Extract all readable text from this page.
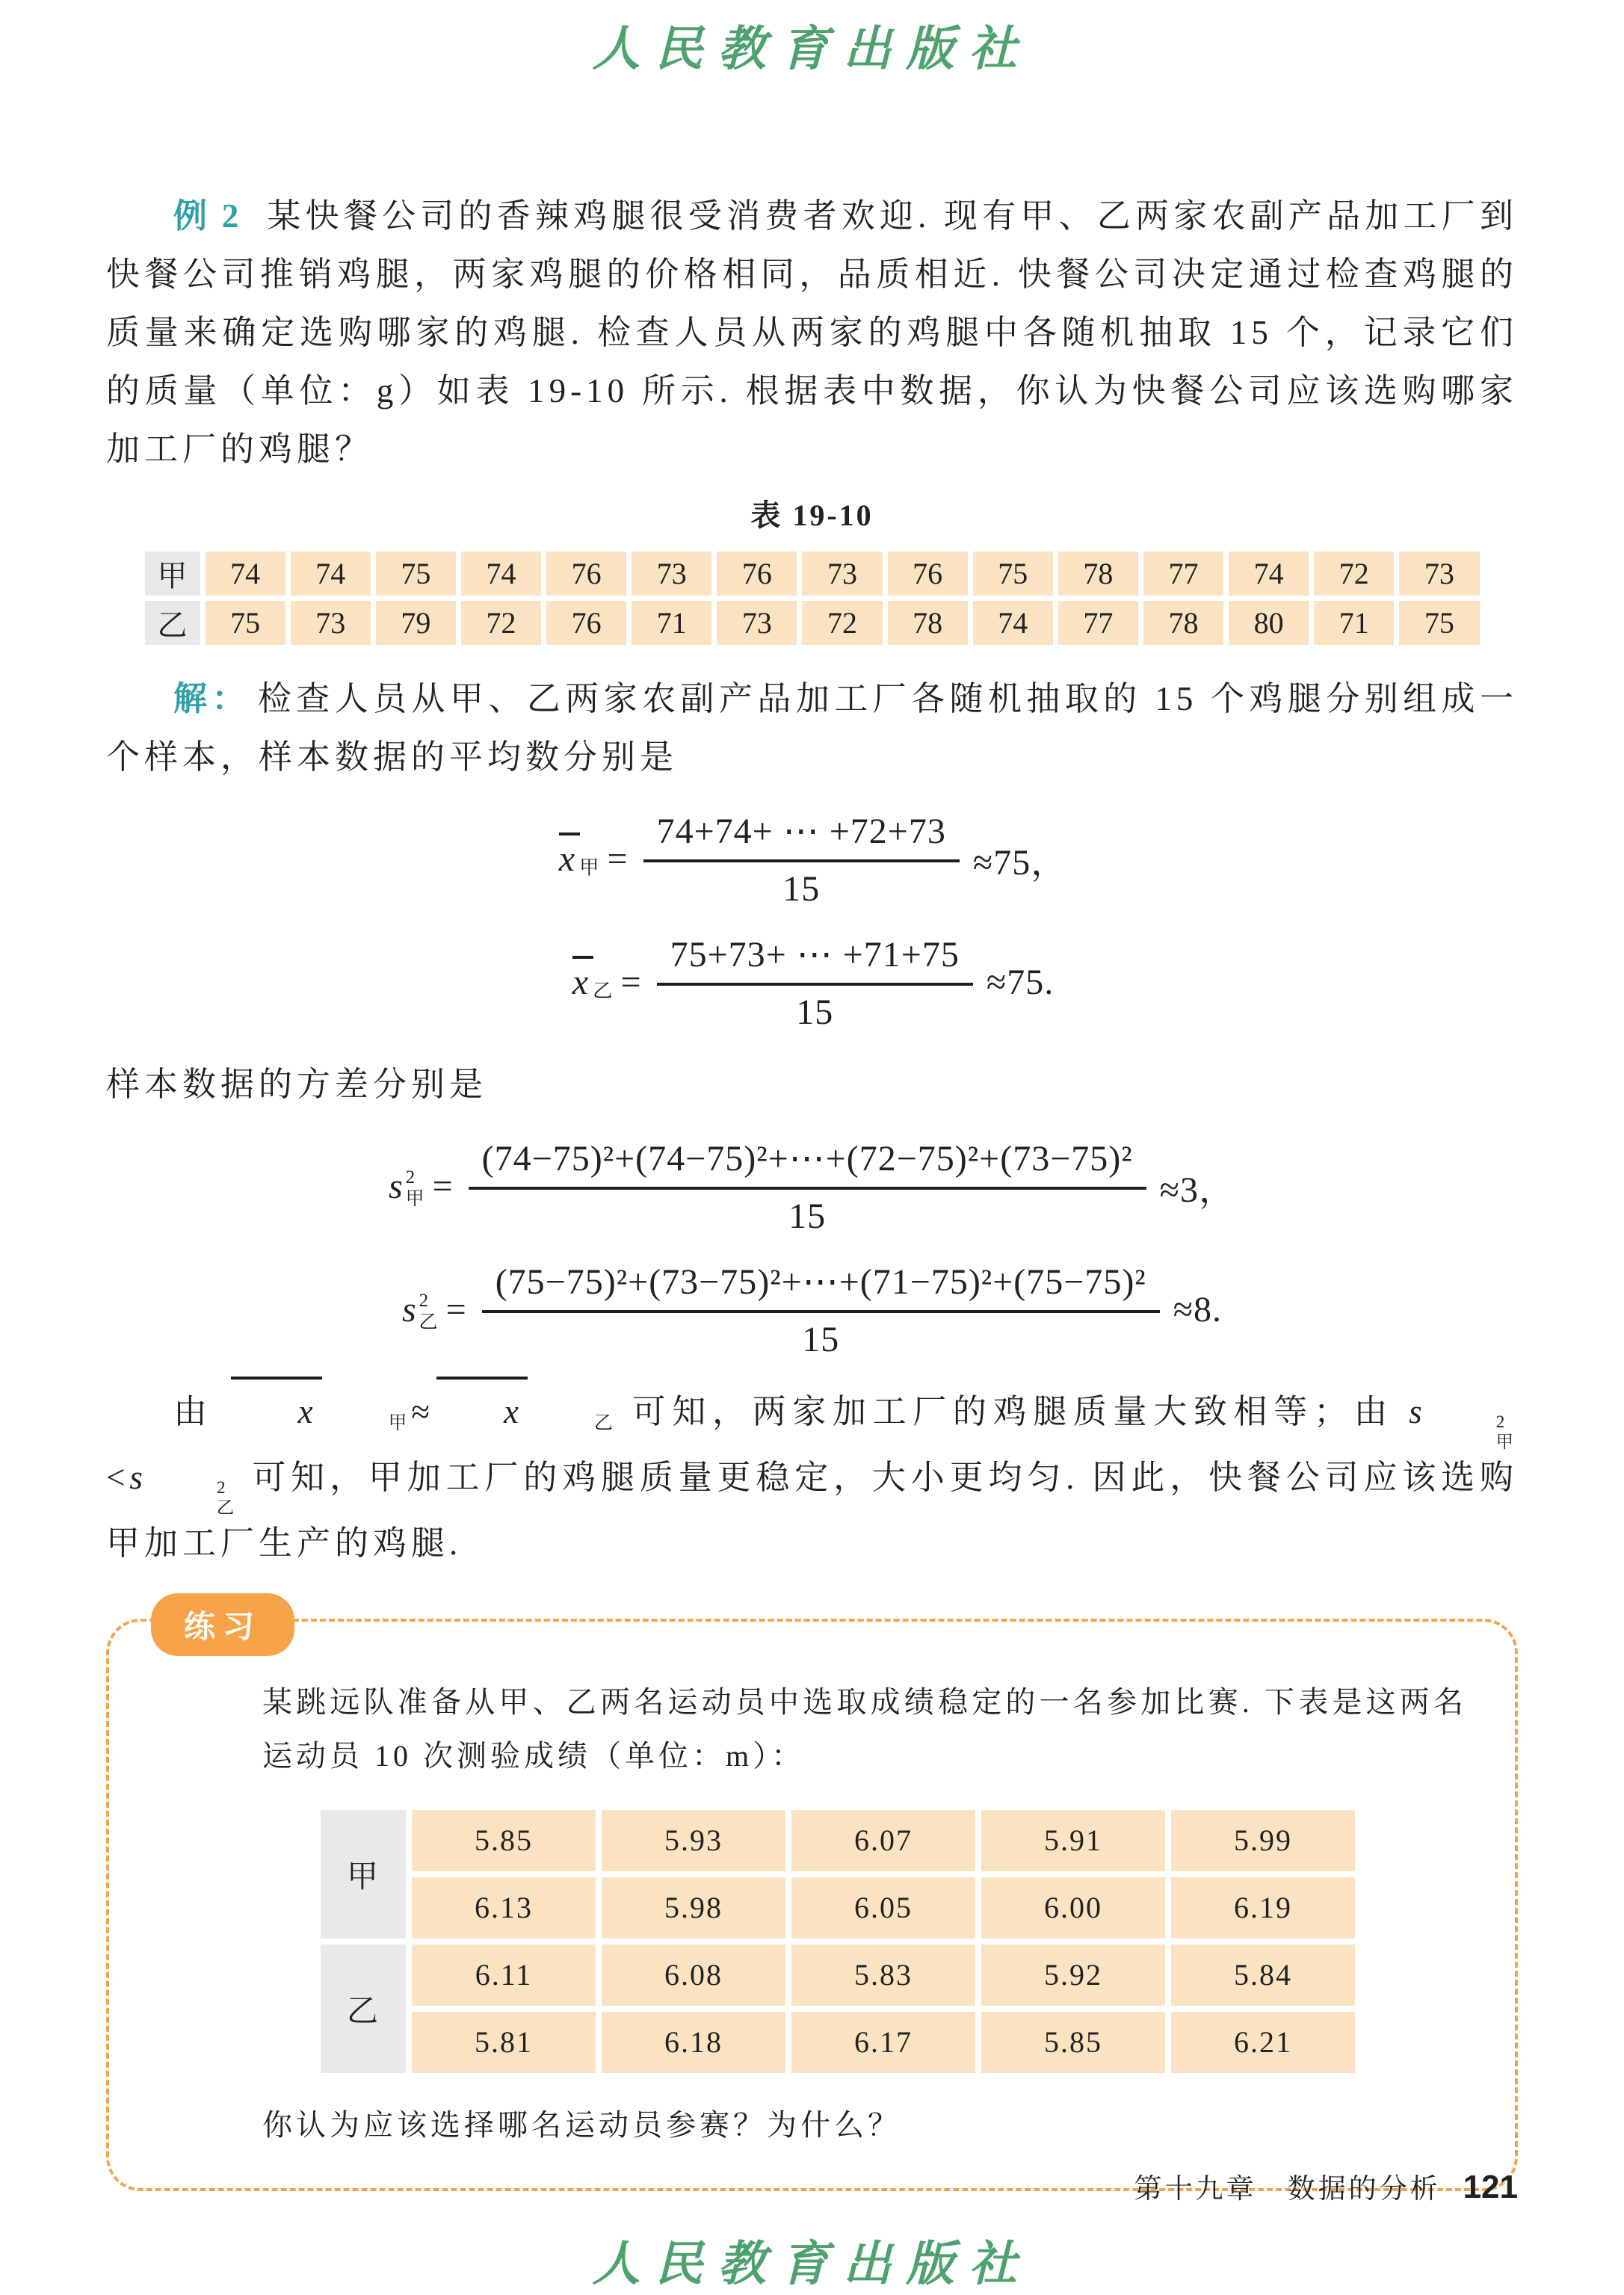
人民教育出版社

例 2 某快餐公司的香辣鸡腿很受消费者欢迎. 现有甲、乙两家农副产品加工厂到快餐公司推销鸡腿，两家鸡腿的价格相同，品质相近. 快餐公司决定通过检查鸡腿的质量来确定选购哪家的鸡腿. 检查人员从两家的鸡腿中各随机抽取 15 个，记录它们的质量（单位：g）如表 19-10 所示. 根据表中数据，你认为快餐公司应该选购哪家加工厂的鸡腿？

表 19-10
甲	74	74	75	74	76	73	76	73	76	75	78	77	74	72	73
乙	75	73	79	72	76	71	73	72	78	74	77	78	80	71	75

解： 检查人员从甲、乙两家农副产品加工厂各随机抽取的 15 个鸡腿分别组成一个样本，样本数据的平均数分别是

x 甲 = $\frac{74+74+ \cdots +72+73}{15} \approx 75$，
x 乙 = $\frac{75+73+ \cdots +71+75}{15} \approx 75$.

样本数据的方差分别是

s 2
甲 = $\frac{\text{(74−75)²+(74−75)²+⋯+(72−75)²+(73−75)²}}{15} \approx 3$，
s 2
乙 = $\frac{\text{(75−75)²+(73−75)²+⋯+(71−75)²+(75−75)²}}{15} \approx 8$.

由 x	甲≈ x	乙 可知，两家加工厂的鸡腿质量大致相等；由 s	2
甲
<s	2
乙
可知，甲加工厂的鸡腿质量更稳定，大小更均匀. 因此，快餐公司应该选购甲加工厂生产的鸡腿.

练习

某跳远队准备从甲、乙两名运动员中选取成绩稳定的一名参加比赛. 下表是这两名运动员 10 次测验成绩（单位：m）：

甲	5.85	5.93	6.07	5.91	5.99
	6.13	5.98	6.05	6.00	6.19
乙	6.11	6.08	5.83	5.92	5.84
	5.81	6.18	6.17	5.85	6.21

你认为应该选择哪名运动员参赛？为什么？

第十九章　数据的分析 121
人民教育出版社
